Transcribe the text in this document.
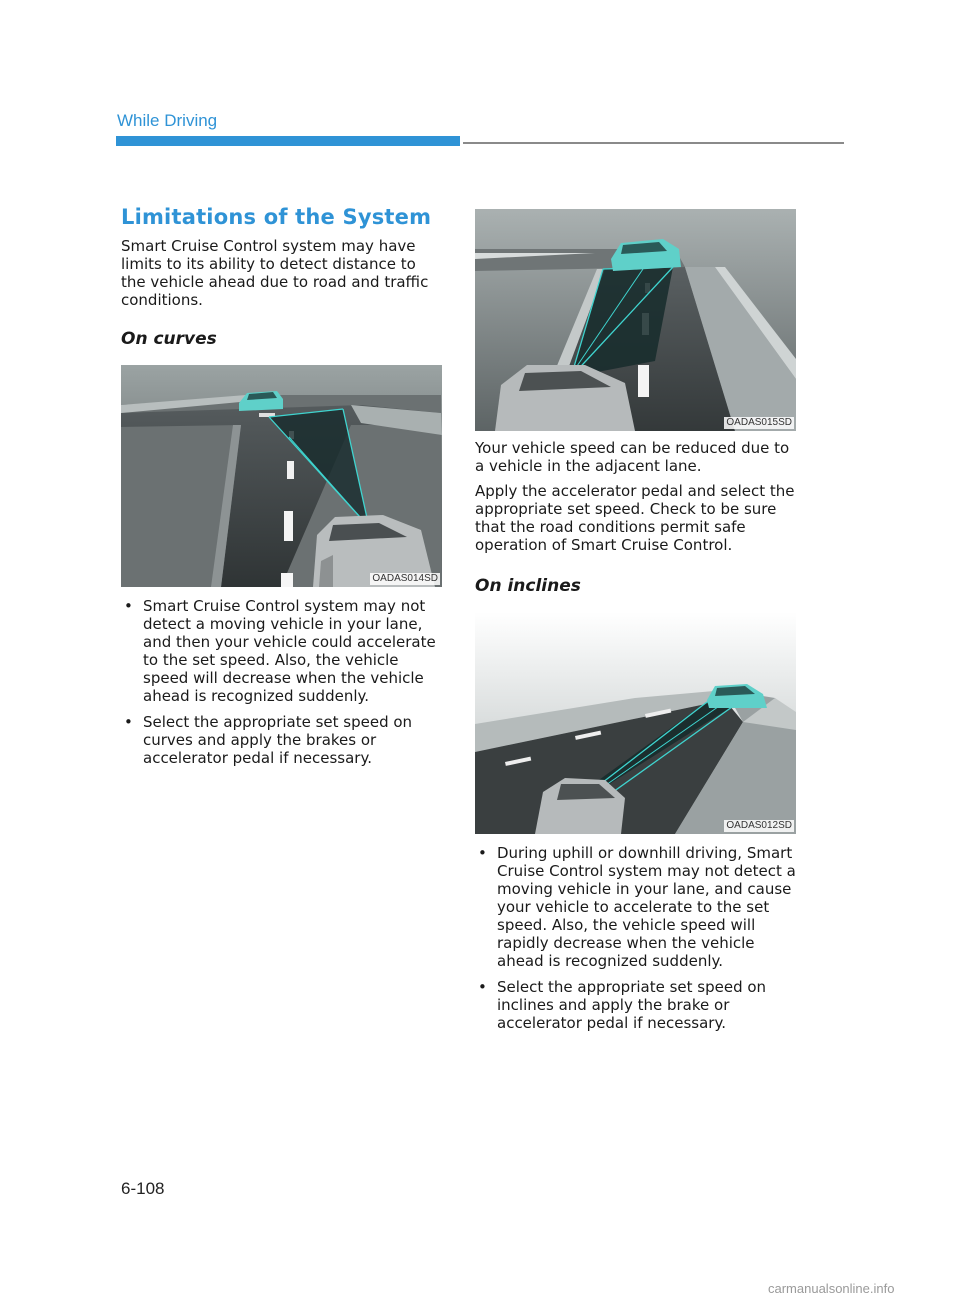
While Driving
Limitations of the System

Smart Cruise Control system may have limits to its ability to detect distance to the vehicle ahead due to road and traffic conditions.

On curves
OADAS014SD
• Smart Cruise Control system may not detect a moving vehicle in your lane, and then your vehicle could accelerate to the set speed. Also, the vehicle speed will decrease when the vehicle ahead is recognized suddenly.
• Select the appropriate set speed on curves and apply the brakes or accelerator pedal if necessary.
OADAS015SD

Your vehicle speed can be reduced due to a vehicle in the adjacent lane.

Apply the accelerator pedal and select the appropriate set speed. Check to be sure that the road conditions permit safe operation of Smart Cruise Control.

On inclines
OADAS012SD
• During uphill or downhill driving, Smart Cruise Control system may not detect a moving vehicle in your lane, and cause your vehicle to accelerate to the set speed. Also, the vehicle speed will rapidly decrease when the vehicle ahead is recognized suddenly.
• Select the appropriate set speed on inclines and apply the brake or accelerator pedal if necessary.
6-108
carmanualsonline.info
